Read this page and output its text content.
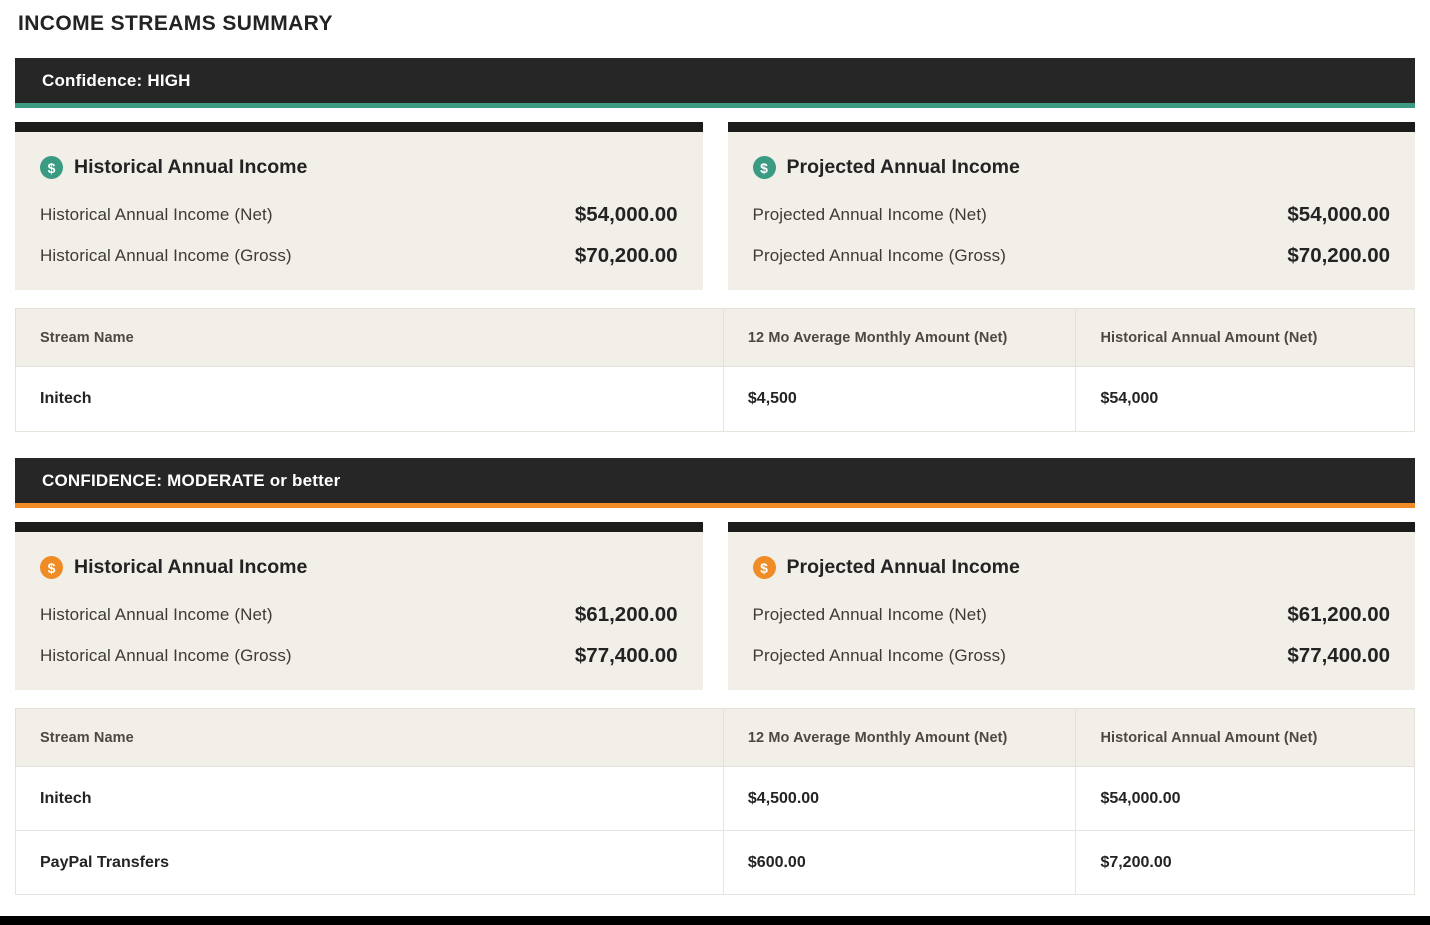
INCOME STREAMS SUMMARY
Confidence: HIGH
$ Historical Annual Income
Historical Annual Income (Net)	$54,000.00
Historical Annual Income (Gross)	$70,200.00
$ Projected Annual Income
Projected Annual Income (Net)	$54,000.00
Projected Annual Income (Gross)	$70,200.00
Stream Name	12 Mo Average Monthly Amount (Net)	Historical Annual Amount (Net)
Initech	$4,500	$54,000
CONFIDENCE: MODERATE or better
$ Historical Annual Income
Historical Annual Income (Net)	$61,200.00
Historical Annual Income (Gross)	$77,400.00
$ Projected Annual Income
Projected Annual Income (Net)	$61,200.00
Projected Annual Income (Gross)	$77,400.00
Stream Name	12 Mo Average Monthly Amount (Net)	Historical Annual Amount (Net)
Initech	$4,500.00	$54,000.00
PayPal Transfers	$600.00	$7,200.00
